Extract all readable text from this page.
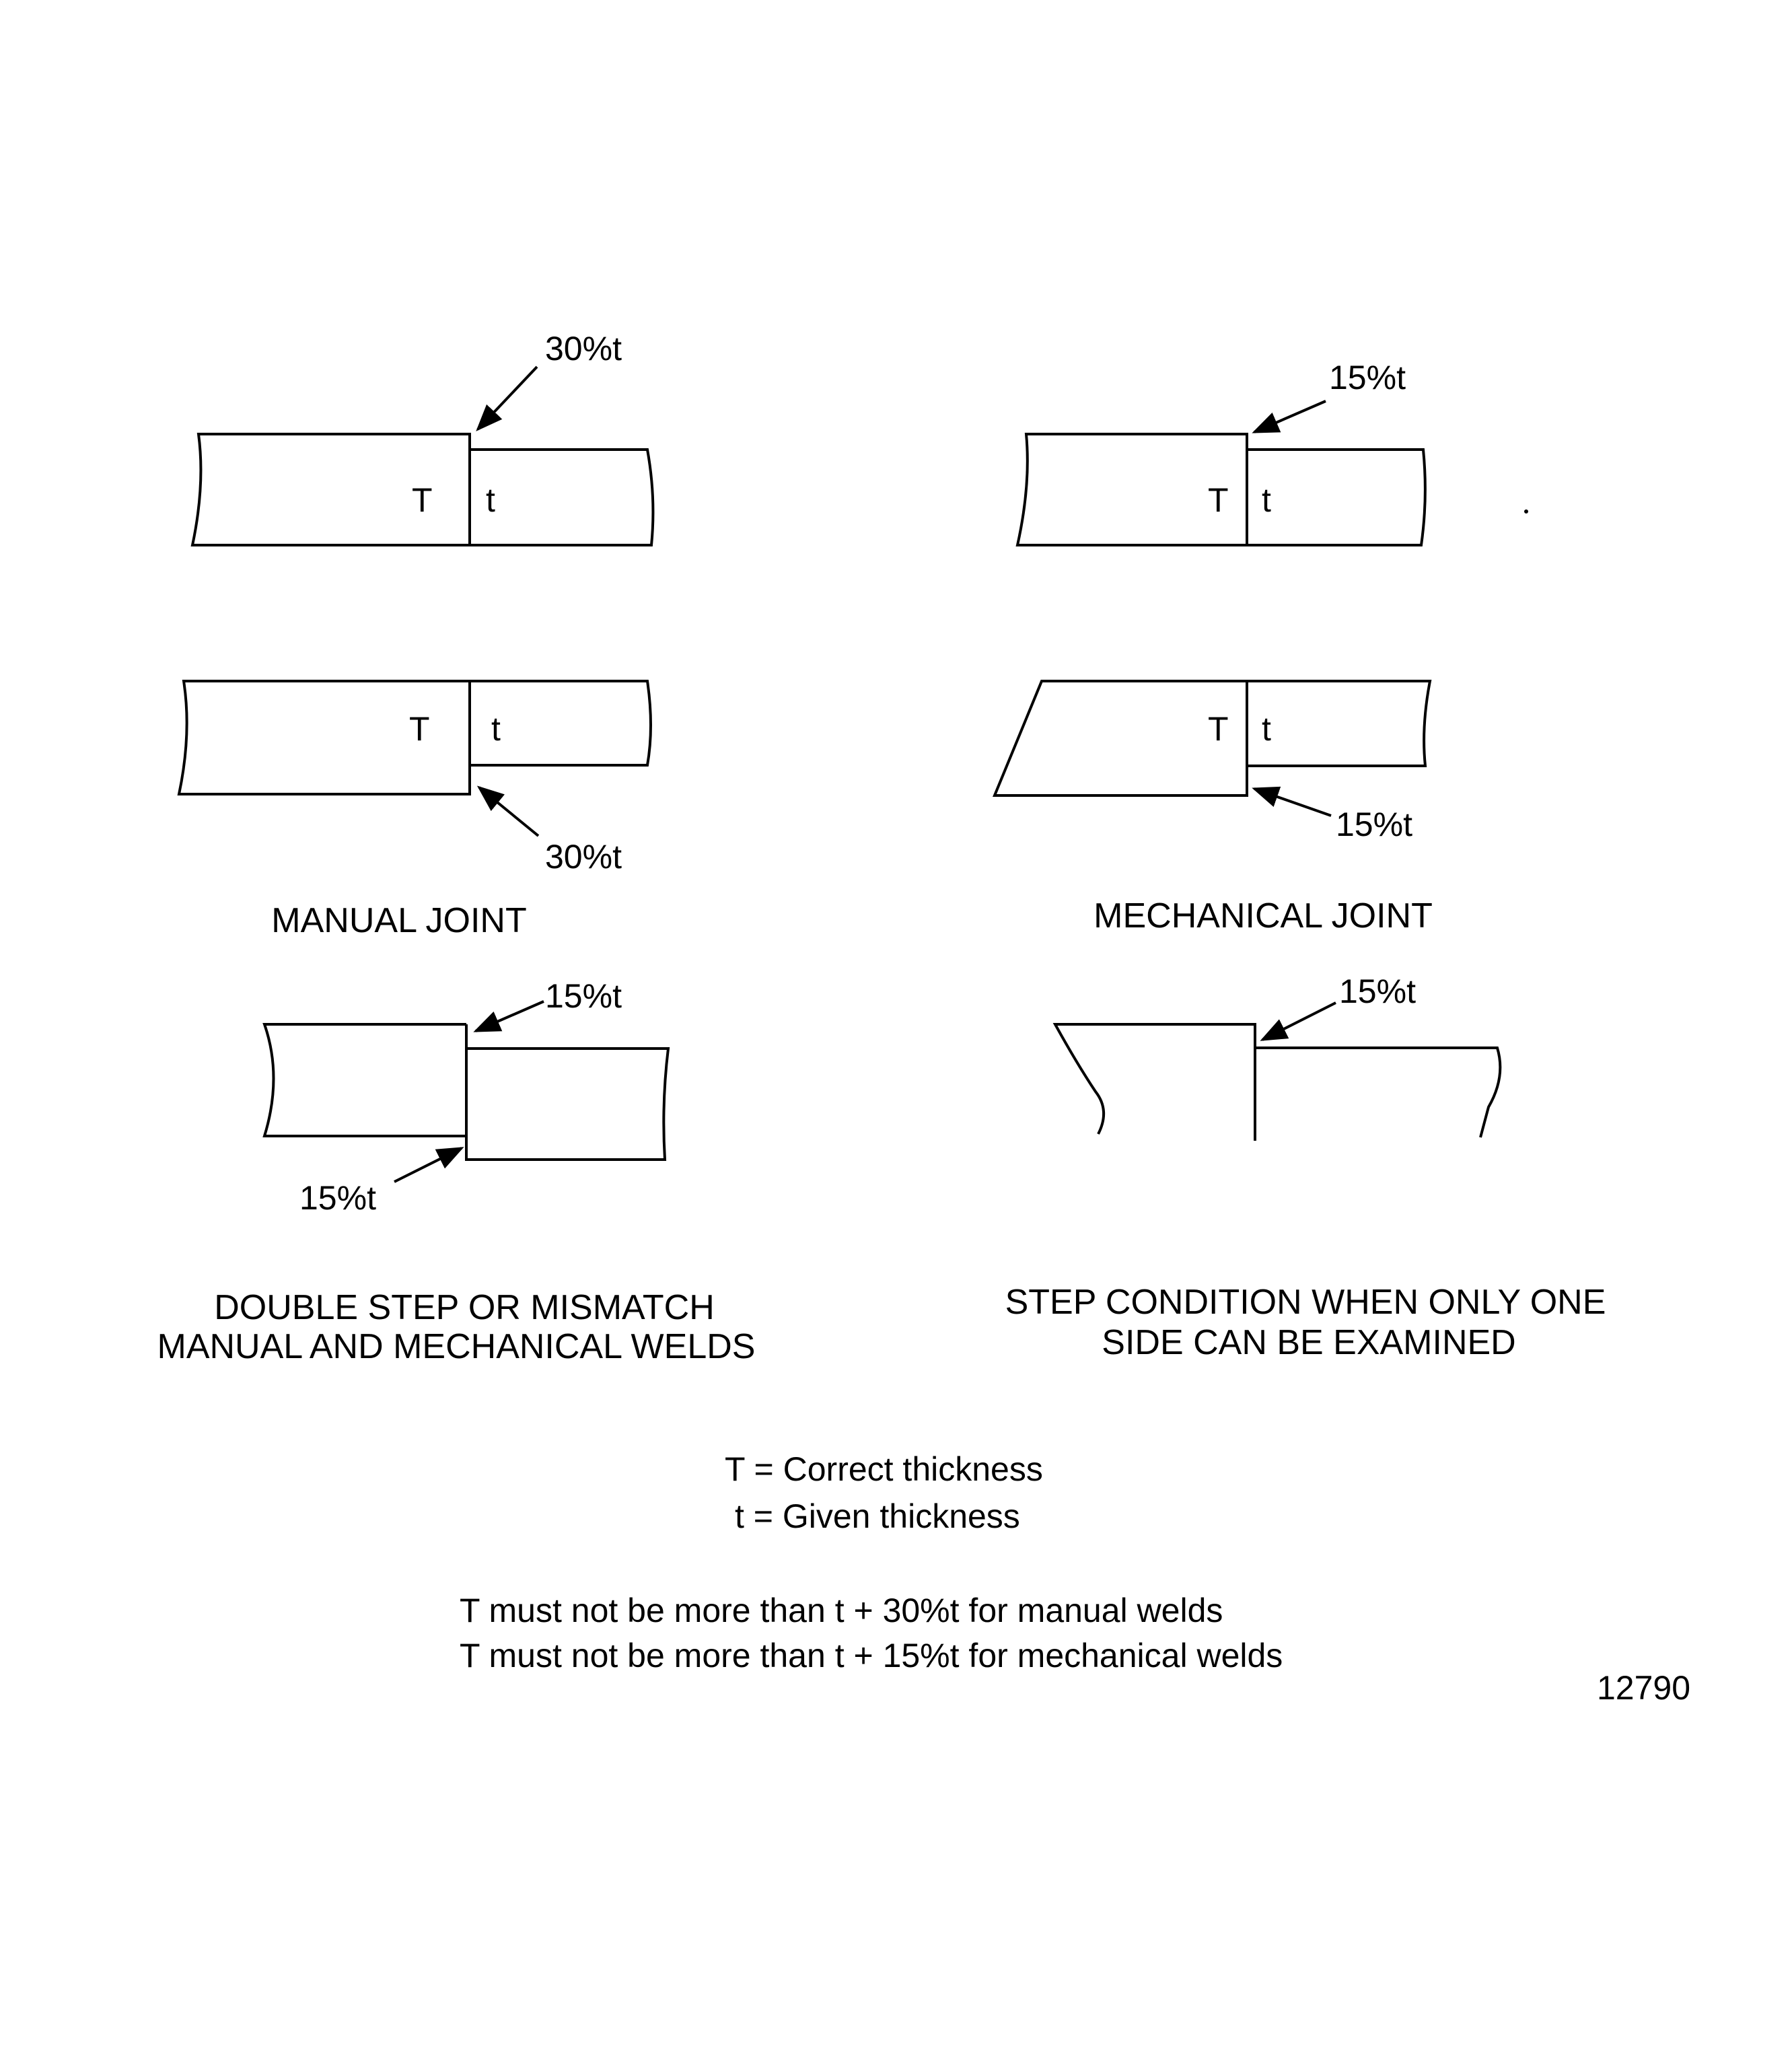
30%t
T t
15%t
T t
30%t
T t
15%t
T t
MANUAL JOINT	MECHANICAL JOINT
15%t
15%t
15%t
DOUBLE STEP OR MISMATCH
MANUAL AND MECHANICAL WELDS
STEP CONDITION WHEN ONLY ONE
SIDE CAN BE EXAMINED
T = Correct thickness
t = Given thickness
T must not be more than t + 30%t for manual welds
T must not be more than t + 15%t for mechanical welds
12790
